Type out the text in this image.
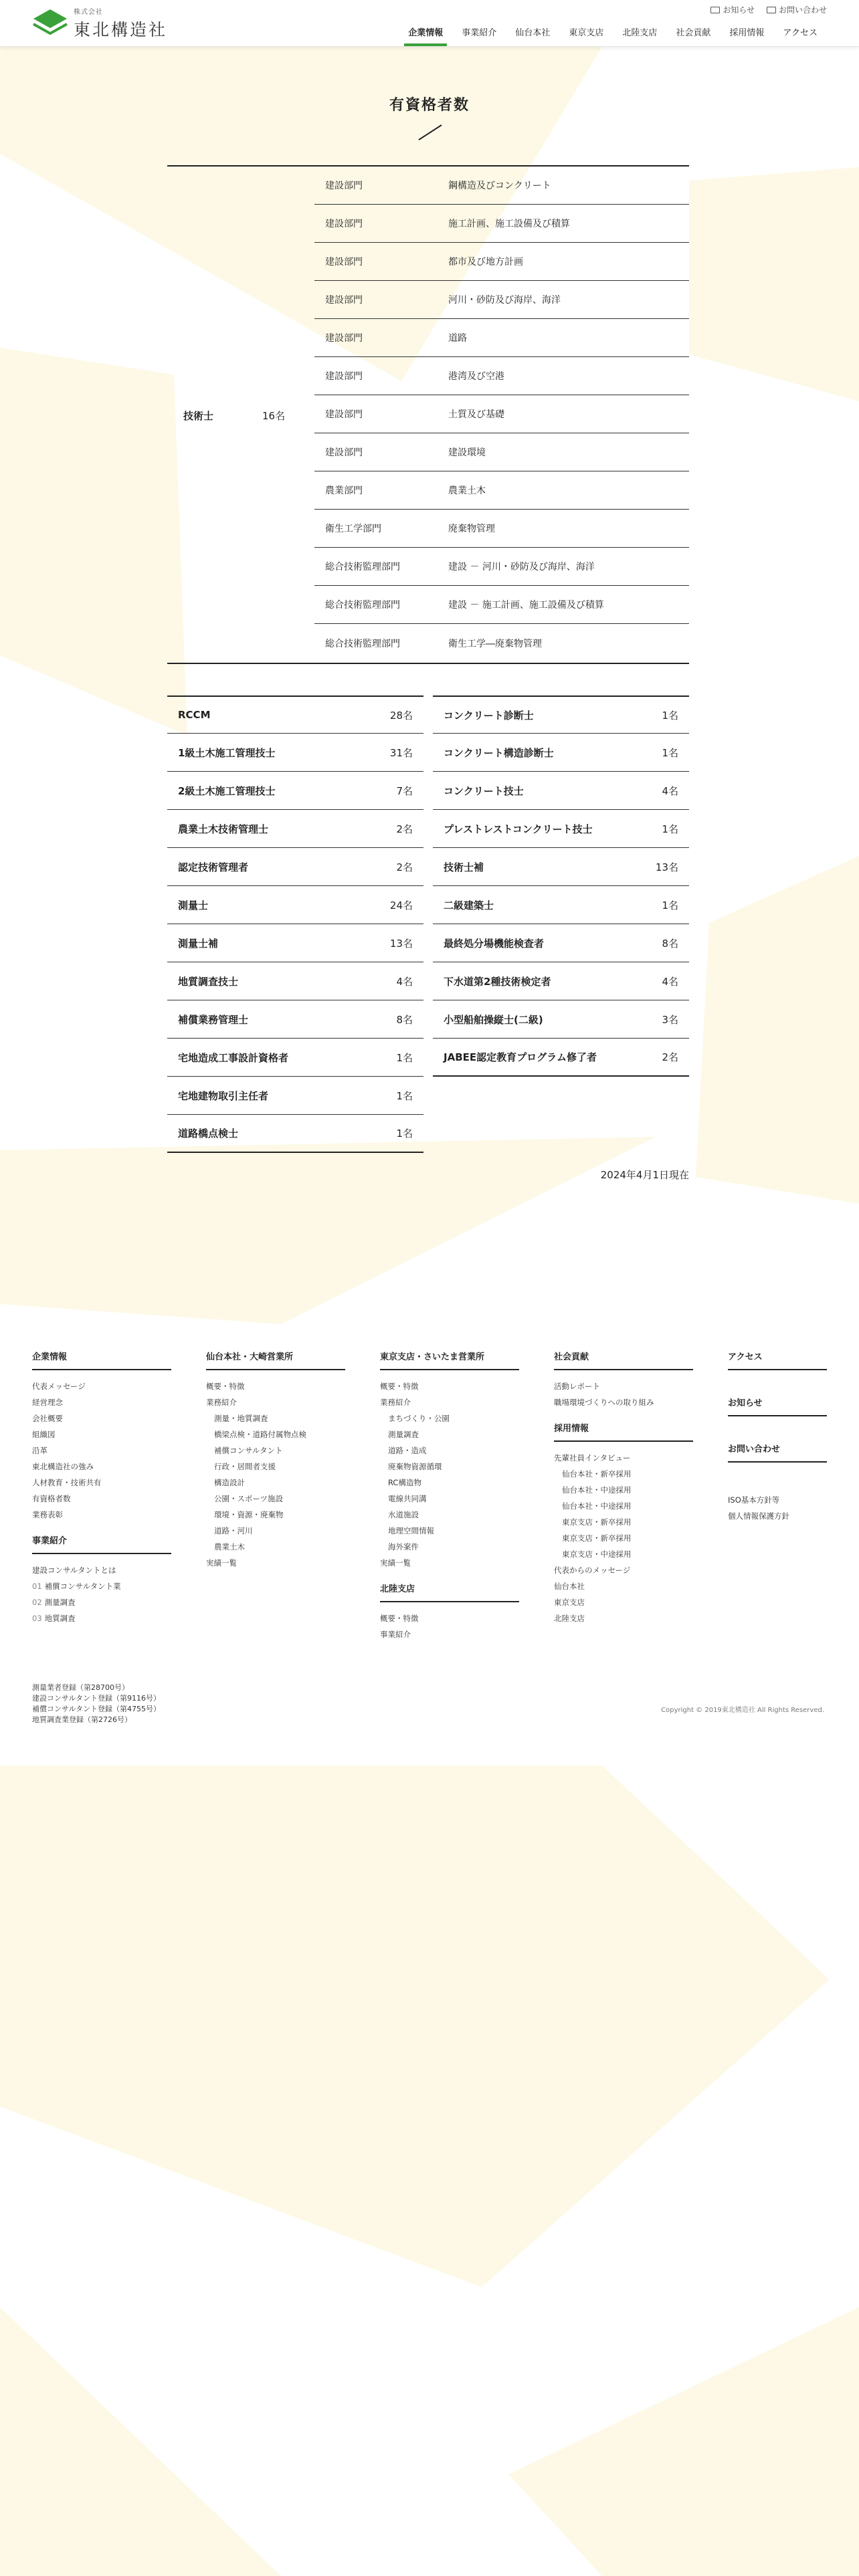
株式会社
東北構造社
お知らせ	お問い合わせ
企業情報	事業紹介	仙台本社	東京支店	北陸支店	社会貢献	採用情報	アクセス
有資格者数
技術士	16名
建設部門	鋼構造及びコンクリート
建設部門	施工計画、施工設備及び積算
建設部門	都市及び地方計画
建設部門	河川・砂防及び海岸、海洋
建設部門	道路
建設部門	港湾及び空港
建設部門	土質及び基礎
建設部門	建設環境
農業部門	農業土木
衛生工学部門	廃棄物管理
総合技術監理部門	建設 － 河川・砂防及び海岸、海洋
総合技術監理部門	建設 － 施工計画、施工設備及び積算
総合技術監理部門	衛生工学―廃棄物管理
RCCM	28名
1級土木施工管理技士	31名
2級土木施工管理技士	7名
農業土木技術管理士	2名
認定技術管理者	2名
測量士	24名
測量士補	13名
地質調査技士	4名
補償業務管理士	8名
宅地造成工事設計資格者	1名
宅地建物取引主任者	1名
道路橋点検士	1名
コンクリート診断士	1名
コンクリート構造診断士	1名
コンクリート技士	4名
プレストレストコンクリート技士	1名
技術士補	13名
二級建築士	1名
最終処分場機能検査者	8名
下水道第2種技術検定者	4名
小型船舶操縦士(二級)	3名
JABEE認定教育プログラム修了者	2名
2024年4月1日現在
企業情報
代表メッセージ
経営理念
会社概要
組織図
沿革
東北構造社の強み
人材教育・技術共有
有資格者数
業務表彰
事業紹介
建設コンサルタントとは
01 補償コンサルタント業
02 測量調査
03 地質調査
仙台本社・大崎営業所
概要・特徴
業務紹介
測量・地質調査
橋梁点検・道路付属物点検
補償コンサルタント
行政・居間者支援
構造設計
公園・スポーツ施設
環境・資源・廃棄物
道路・河川
農業土木
実績一覧
東京支店・さいたま営業所
概要・特徴
業務紹介
まちづくり・公園
測量調査
道路・造成
廃棄物資源循環
RC構造物
電線共同溝
水道施設
地理空間情報
海外案件
実績一覧
北陸支店
概要・特徴
事業紹介
社会貢献
活動レポート
職場環境づくりへの取り組み
採用情報
先輩社員インタビュー
仙台本社・新卒採用
仙台本社・中途採用
仙台本社・中途採用
東京支店・新卒採用
東京支店・新卒採用
東京支店・中途採用
代表からのメッセージ
仙台本社
東京支店
北陸支店
アクセス
お知らせ
お問い合わせ
ISO基本方針等
個人情報保護方針
測量業者登録（第28700号）
建設コンサルタント登録（第9116号）
補償コンサルタント登録（第4755号）
地質調査業登録（第2726号）
Copyright © 2019東北構造社 All Rights Reserved.
